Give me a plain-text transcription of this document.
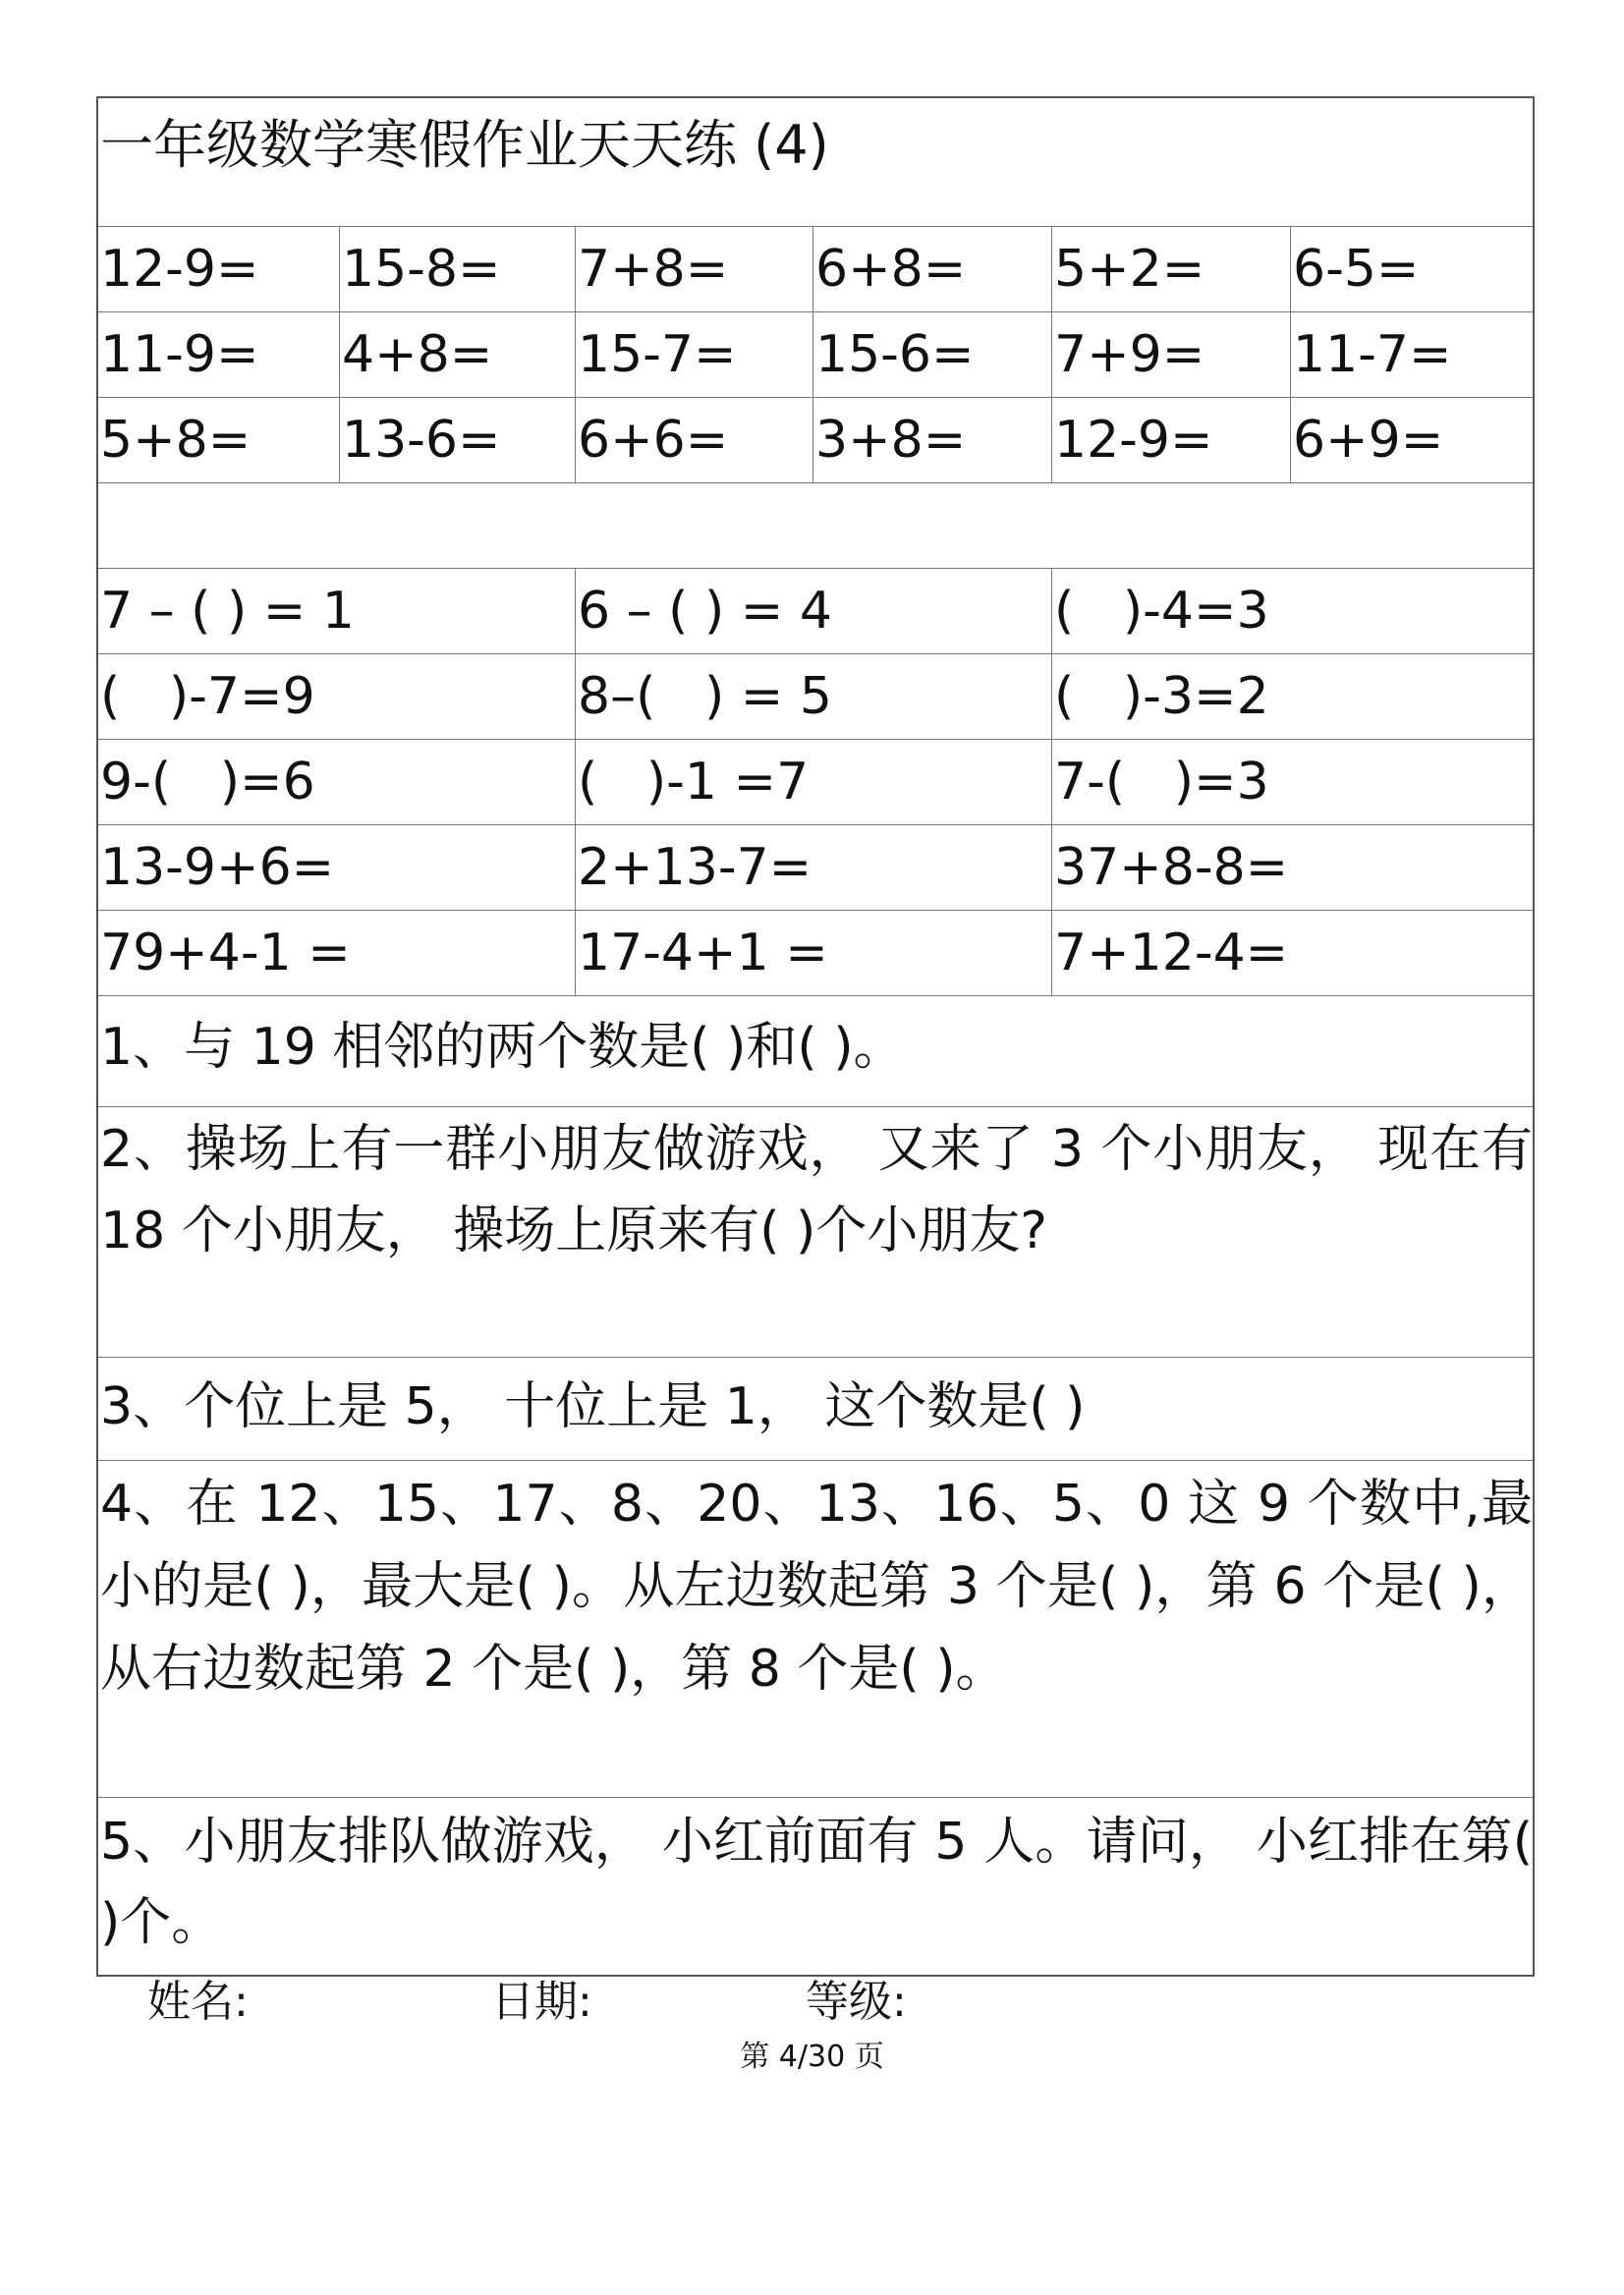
一年级数学寒假作业天天练 (4)
12-9=	15-8=	7+8=	6+8=	5+2=	6-5=
11-9=	4+8=	15-7=	15-6=	7+9=	11-7=
5+8=	13-6=	6+6=	3+8=	12-9=	6+9=
7 – ( ) = 1	6 – ( ) = 4	(   )-4=3
(   )-7=9	8–(   ) = 5	(   )-3=2
9-(   )=6	(   )-1 =7	7-(   )=3
13-9+6=	2+13-7=	37+8-8=
79+4-1 =	17-4+1 =	7+12-4=
1、与 19 相邻的两个数是( )和( )。
2、操场上有一群小朋友做游戏， 又来了 3 个小朋友， 现在有 18 个小朋友， 操场上原来有( )个小朋友?
3、个位上是 5， 十位上是 1， 这个数是( )
4、在 12、15、17、8、20、13、16、5、0 这 9 个数中,最小的是( )，最大是( )。从左边数起第 3 个是( )，第 6 个是( )，从右边数起第 2 个是( )，第 8 个是( )。
5、小朋友排队做游戏， 小红前面有 5 人。请问， 小红排在第( )个。
姓名:	日期:	等级:
第 4/30 页
